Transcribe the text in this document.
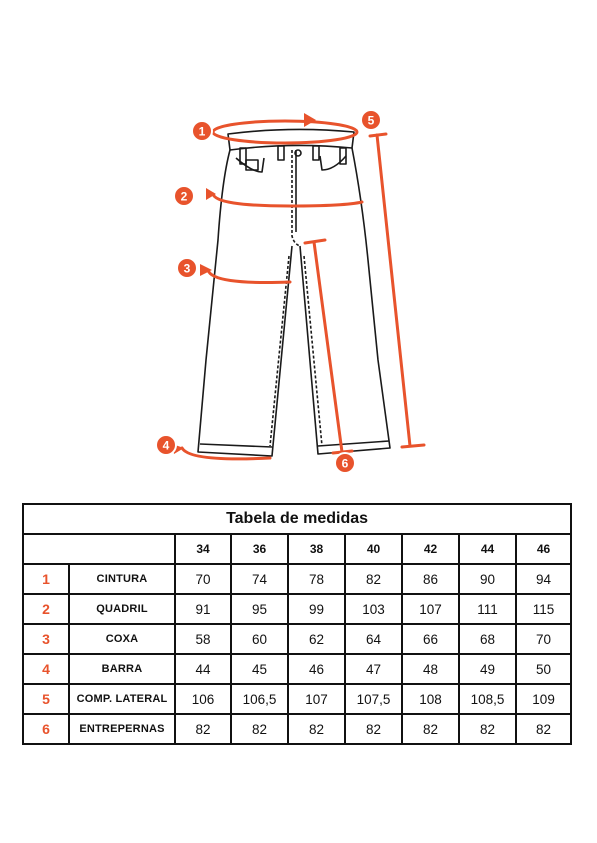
1
2
3
4
5
6
Tabela de medidas								
		34	36	38	40	42	44	46
1	CINTURA	70	74	78	82	86	90	94
2	QUADRIL	91	95	99	103	107	111	115
3	COXA	58	60	62	64	66	68	70
4	BARRA	44	45	46	47	48	49	50
5	COMP. LATERAL	106	106,5	107	107,5	108	108,5	109
6	ENTREPERNAS	82	82	82	82	82	82	82
